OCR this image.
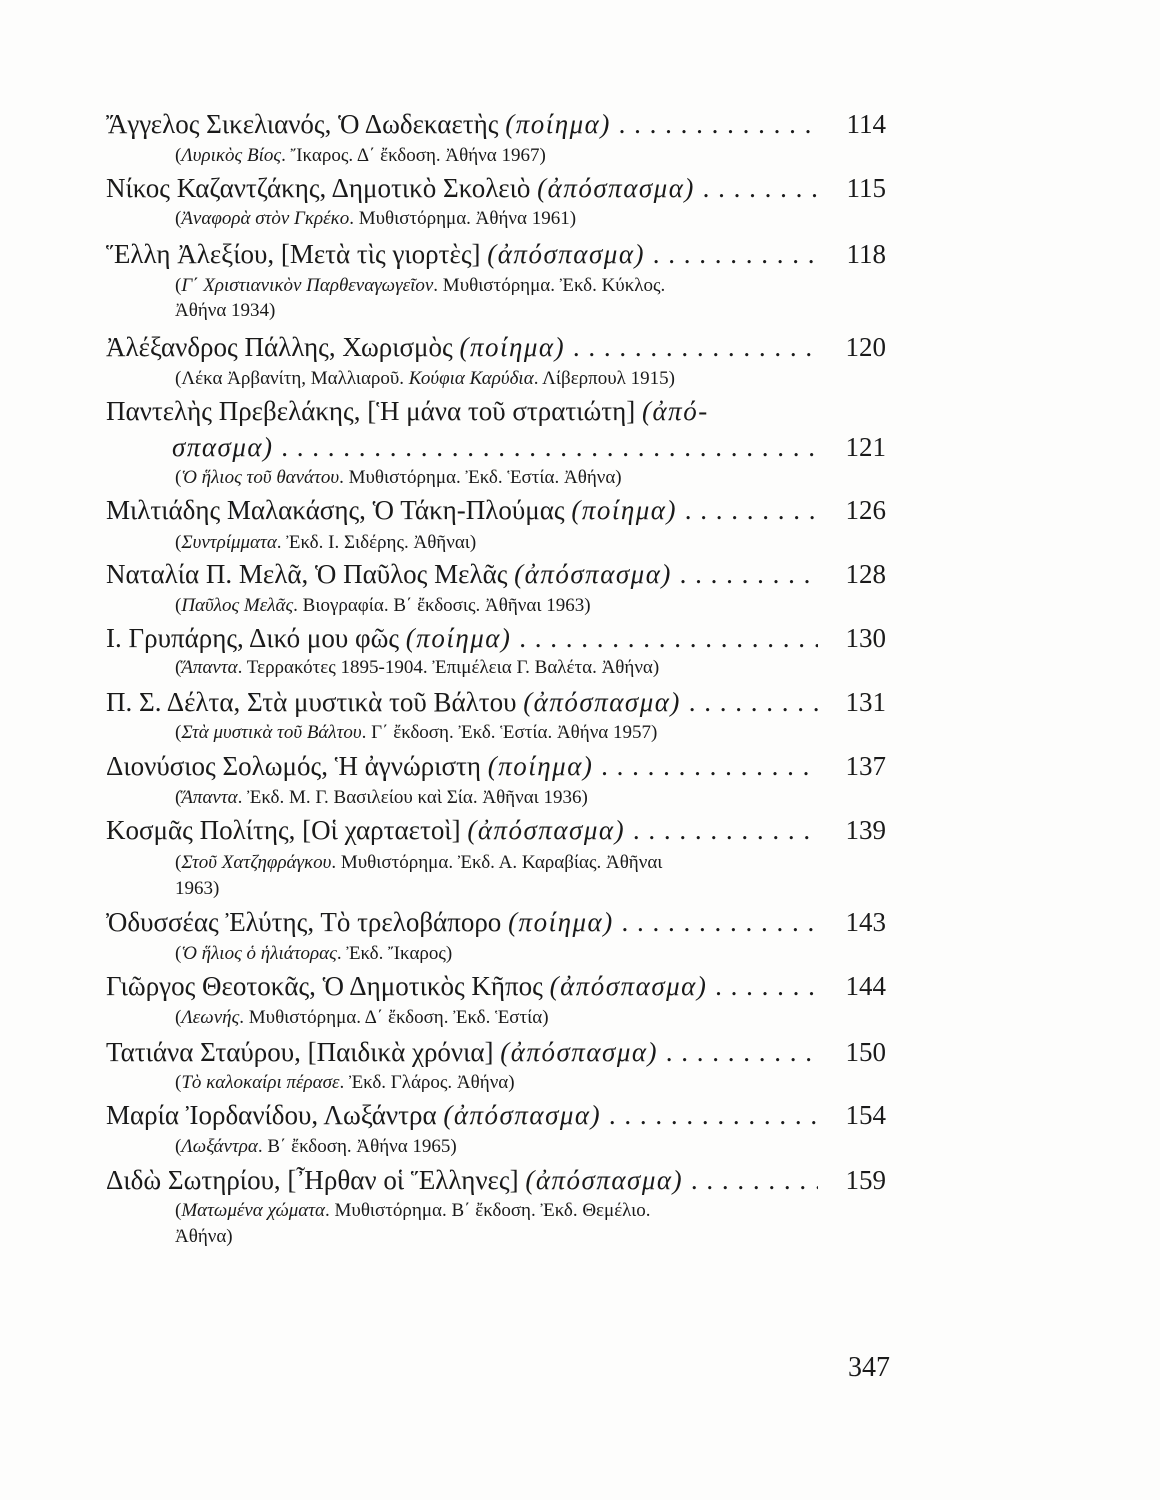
Ἄγγελος Σικελιανός, Ὁ Δωδεκαετὴς (ποίημα) . . .	114
(Λυρικὸς Βίος. Ἴκαρος. Δ΄ ἔκδοση. Ἀθήνα 1967)
Νίκος Καζαντζάκης, Δημοτικὸ Σκολειὸ (ἀπόσπασμα) . . .	115
(Ἀναφορὰ στὸν Γκρέκο. Μυθιστόρημα. Ἀθήνα 1961)
Ἕλλη Ἀλεξίου, [Μετὰ τὶς γιορτὲς] (ἀπόσπασμα) . . .	118
(Γ΄ Χριστιανικὸν Παρθεναγωγεῖον. Μυθιστόρημα. Ἐκδ. Κύκλος.
Ἀθήνα 1934)
Ἀλέξανδρος Πάλλης, Χωρισμὸς (ποίημα) . . .	120
(Λέκα Ἀρβανίτη, Μαλλιαροῦ. Κούφια Καρύδια. Λίβερπουλ 1915)
Παντελὴς Πρεβελάκης, [Ἡ μάνα τοῦ στρατιώτη] (ἀπό-
σπασμα) . . .	121
(Ὁ ἥλιος τοῦ θανάτου. Μυθιστόρημα. Ἐκδ. Ἑστία. Ἀθήνα)
Μιλτιάδης Μαλακάσης, Ὁ Τάκη-Πλούμας (ποίημα) . . .	126
(Συντρίμματα. Ἐκδ. Ι. Σιδέρης. Ἀθῆναι)
Ναταλία Π. Μελᾶ, Ὁ Παῦλος Μελᾶς (ἀπόσπασμα) . . .	128
(Παῦλος Μελᾶς. Βιογραφία. Β΄ ἔκδοσις. Ἀθῆναι 1963)
Ι. Γρυπάρης, Δικό μου φῶς (ποίημα) . . .	130
(Ἅπαντα. Τερρακότες 1895-1904. Ἐπιμέλεια Γ. Βαλέτα. Ἀθήνα)
Π. Σ. Δέλτα, Στὰ μυστικὰ τοῦ Βάλτου (ἀπόσπασμα) . . .	131
(Στὰ μυστικὰ τοῦ Βάλτου. Γ΄ ἔκδοση. Ἐκδ. Ἑστία. Ἀθήνα 1957)
Διονύσιος Σολωμός, Ἡ ἀγνώριστη (ποίημα) . . .	137
(Ἅπαντα. Ἐκδ. Μ. Γ. Βασιλείου καὶ Σία. Ἀθῆναι 1936)
Κοσμᾶς Πολίτης, [Οἱ χαρταετοὶ] (ἀπόσπασμα) . . .	139
(Στοῦ Χατζηφράγκου. Μυθιστόρημα. Ἐκδ. Α. Καραβίας. Ἀθῆναι
1963)
Ὀδυσσέας Ἐλύτης, Τὸ τρελοβάπορο (ποίημα) . . .	143
(Ὁ ἥλιος ὁ ἡλιάτορας. Ἐκδ. Ἴκαρος)
Γιῶργος Θεοτοκᾶς, Ὁ Δημοτικὸς Κῆπος (ἀπόσπασμα) . . .	144
(Λεωνής. Μυθιστόρημα. Δ΄ ἔκδοση. Ἐκδ. Ἑστία)
Τατιάνα Σταύρου, [Παιδικὰ χρόνια] (ἀπόσπασμα) . . .	150
(Τὸ καλοκαίρι πέρασε. Ἐκδ. Γλάρος. Ἀθήνα)
Μαρία Ἰορδανίδου, Λωξάντρα (ἀπόσπασμα) . . .	154
(Λωξάντρα. Β΄ ἔκδοση. Ἀθήνα 1965)
Διδὼ Σωτηρίου, [Ἦρθαν οἱ Ἕλληνες] (ἀπόσπασμα) . . .	159
(Ματωμένα χώματα. Μυθιστόρημα. Β΄ ἔκδοση. Ἐκδ. Θεμέλιο.
Ἀθήνα)
347
